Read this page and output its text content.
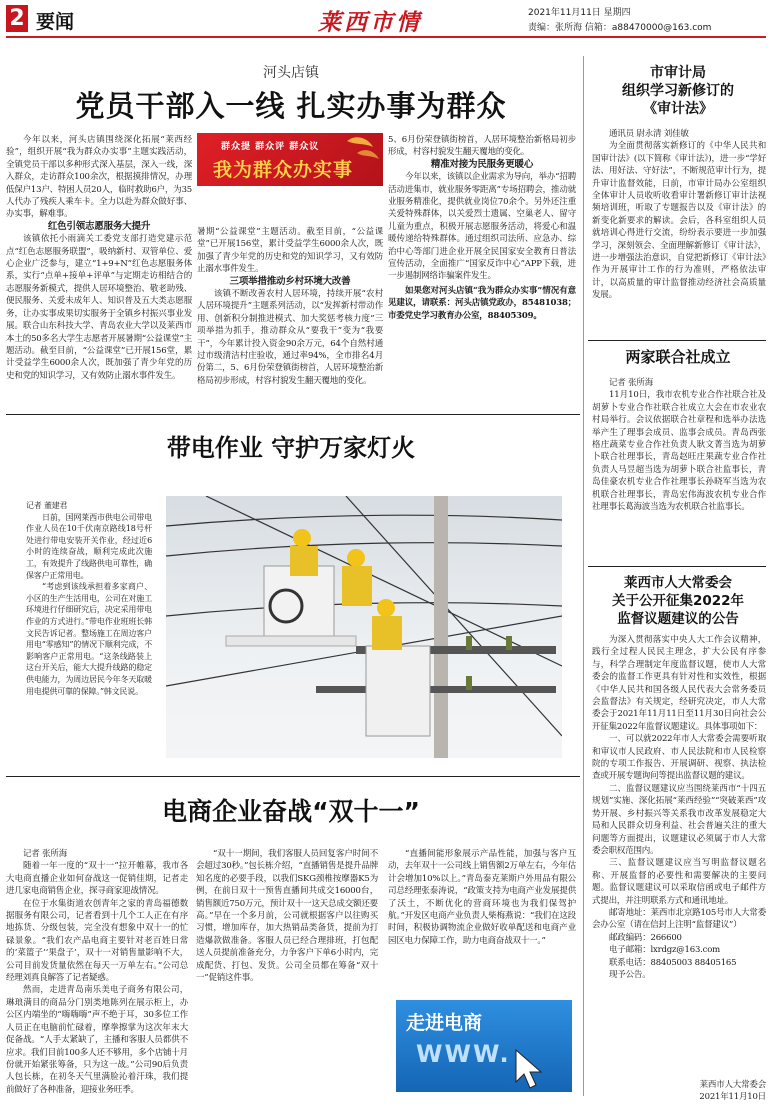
2 要闻	莱西市情	2021年11月11日 星期四
责编：张所海 信箱：a88470000@163.com
河头店镇
党员干部入一线 扎实办事为群众
群众提 群众评 群众议
我为群众办实事

今年以来，河头店镇围绕深化拓展“莱西经验”，组织开展“我为群众办实事”主题实践活动，全镇党员干部以多种形式深入基层，深入一线，深入群众，走访群众100余次，根据摸排情况，办理低保户13户、特困人员20人，临时救助6户，为35人代办了残疾人乘车卡。全力以赴为群众做好事、办实事，解难事。

红色引领志愿服务大提升

该镇依托小雨滴关工委党支部打造党建示范点“红色志愿服务联盟”，吸纳新村、双管单位、爱心企业广泛参与，建立“1+9+N”红色志愿服务体系，实行“点单+接单+评单”与定期走访相结合的志愿服务新模式，提供人居环境整治、敬老助残、便民服务、关爱未成年人、知识普及五大类志愿服务，让办实事成果切实服务于全镇乡村振兴事业发展。联合山东科技大学、青岛农业大学以及莱西市本土的50多名大学生志愿者开展暑期“公益课堂”主题活动。截至目前，“公益课堂”已开展156堂，累计受益学生6000余人次，既加强了青少年党的历史和党的知识学习，又有效防止溺水事件发生。

暑期“公益课堂”主题活动。截至目前，“公益课堂”已开展156堂，累计受益学生6000余人次，既加强了青少年党的历史和党的知识学习，又有效防止溺水事件发生。

三项举措推动乡村环境大改善

该镇不断改善农村人居环境，持续开展“农村人居环境提升”主题系列活动，以“发挥新村带动作用、创新积分制推进模式、加大奖惩考核力度”三项举措为抓手，推动群众从“要我干”变为“我要干”，今年累计投入资金90余万元，64个自然村通过市级清洁村庄验收，通过率94%，全市排名4月份第二，5、6月份荣登镇街榜首，人居环境整治新格局初步形成，村容村貌发生翻天覆地的变化。

5、6月份荣登镇街榜首，人居环境整治新格局初步形成，村容村貌发生翻天覆地的变化。

精准对接为民服务更暖心

今年以来，该镇以企业需求为导向，举办“招聘活动进集市，就业服务零距离”专场招聘会，推动就业服务精准化，提供就业岗位70余个。另外还注重关爱特殊群体，以关爱烈士遗属、空巢老人、留守儿童为重点，积极开展志愿服务活动，将爱心和温暖传递给特殊群体。通过组织司法所、应急办、综治中心等部门进企业开展全民国家安全教育日普法宣传活动，全面推广“国家反诈中心”APP下载，进一步遏制网络诈骗案件发生。

如果您对河头店镇“我为群众办实事”情况有意见建议，请联系：河头店镇党政办，85481038；市委党史学习教育办公室，88405309。

市审计局
组织学习新修订的
《审计法》

通讯员 尉永清 刘佳敏

为全面贯彻落实新修订的《中华人民共和国审计法》(以下简称《审计法》)，进一步“学好法、用好法、守好法”，不断规范审计行为，提升审计监督效能，日前，市审计局办公室组织全体审计人员收听收看审计署新修订审计法视频培训班，听取了专题报告以及《审计法》的新变化新要求的解读。会后，各科室组织人员就培训心得进行交流，纷纷表示要进一步加强学习，深刻领会、全面理解新修订《审计法》，进一步增强法治意识，自觉把新修订《审计法》作为开展审计工作的行为准则，严格依法审计，以高质量的审计监督推动经济社会高质量发展。

两家联合社成立

记者 张所海

11月10日，我市农机专业合作社联合社及胡萝卜专业合作社联合社成立大会在市农业农村局举行。会议依据联合社章程和选举办法选举产生了理事会成员、监事会成员。青岛西张格庄蔬菜专业合作社负责人耿文菁当选为胡萝卜联合社理事长，青岛赵旺庄果蔬专业合作社负责人马昱超当选为胡萝卜联合社监事长，青岛佳豪农机专业合作社理事长孙晓军当选为农机联合社理事长，青岛宏伟海波农机专业合作社理事长葛海波当选为农机联合社监事长。

带电作业 守护万家灯火

记者 董建君

日前，国网莱西市供电公司带电作业人员在10千伏南京路线18号杆处进行带电安装开关作业，经过近6小时的连续奋战，顺利完成此次施工，有效提升了线路供电可靠性，确保客户正常用电。

“考虑到该线承担着多家商户、小区的生产生活用电，公司在对施工环境进行仔细研究后，决定采用带电作业的方式进行。”带电作业班班长韩文民告诉记者。整场施工在周边客户用电“零感知”的情况下顺利完成，不影响客户正常用电。“这条线路装上这台开关后，能大大提升线路的稳定供电能力，为周边居民今年冬天取暖用电提供可靠的保障。”韩文民说。

莱西市人大常委会
关于公开征集2022年
监督议题建议的公告

为深入贯彻落实中央人大工作会议精神，践行全过程人民民主理念，扩大公民有序参与，科学合理制定年度监督议题，使市人大常委会的监督工作更具有针对性和实效性，根据《中华人民共和国各级人民代表大会常务委员会监督法》有关规定，经研究决定，市人大常委会于2021年11月11日至11月30日向社会公开征集2022年监督议题建议。具体事项如下：

一、可以就2022年市人大常委会需要听取和审议市人民政府、市人民法院和市人民检察院的专项工作报告、开展调研、视察、执法检查或开展专题询问等提出监督议题的建议。

二、监督议题建议应当围绕莱西市“十四五规划”实施、深化拓展“莱西经验”“突破莱西”攻势开展、乡村振兴等关系我市改革发展稳定大局和人民群众切身利益、社会普遍关注的重大问题等方面提出，议题建议必须属于市人大常委会职权范围内。

三、监督议题建议应当写明监督议题名称、开展监督的必要性和需要解决的主要问题。监督议题建议可以采取信函或电子邮件方式提出，并注明联系方式和通讯地址。

邮寄地址：莱西市北京路105号市人大常委会办公室（请在信封上注明“监督建议”）

邮政编码：266600

电子邮箱：lxrdgz@163.com

联系电话：88405003 88405165

现予公告。

莱西市人大常委会
2021年11月10日
电商企业奋战“双十一”

记者 张所海

随着一年一度的“双十一”拉开帷幕，我市各大电商直播企业如何奋战这一促销佳期，记者走进几家电商销售企业，探寻商家迎战情况。

在位于水集街道农创青年之家的青岛福德数据服务有限公司，记者看到十几个工人正在有序地拣货、分级包装，完全没有想象中双十一的忙碌景象。“我们农产品电商主要针对老百姓日常的‘菜篮子’‘果盘子’，双十一对销售量影响不大，公司目前发货量依然在每天一万单左右。”公司总经理刘真良解答了记者疑惑。

然而，走进青岛南乐美电子商务有限公司，琳琅满目的商品分门别类地陈列在展示柜上，办公区内端坐的“嗨嗨嗨”声不绝于耳，30多位工作人员正在电脑前忙碌着，摩拳擦掌为这次年末大促备战。“人手太紧缺了，主播和客服人员都供不应求。我们目前100多人还不够用，多个店铺十月份就开始紧张筹备，只为这一战。”公司90后负责人包长栋，在初冬天气里满脸沁着汗珠，我们提前做好了各种准备，迎接业务旺季。

“双十一期间，我们客服人员回复客户时间不会超过30秒。”包长栋介绍，“直播销售是提升品牌知名度的必要手段，以我们SKG颈椎按摩器K5为例，在前日双十一预售直播间共成交16000台，销售额近750万元，预计双十一这天总成交额还要高。”早在一个多月前，公司就根据客户以往购买习惯，增加库存，加大热销品类备货，提前为打造爆款做准备。客服人员已经合理排班，打包配送人员提前准备充分，力争客户下单6小时内，完成配货、打包、发货。公司全员都在筹备“双十一”促销这件事。

“直播间能形象展示产品性能，加强与客户互动，去年双十一公司线上销售额2万单左右，今年估计会增加10%以上。”青岛泰克莱斯户外用品有限公司总经理张泰涛说，“政策支持为电商产业发展提供了沃土，不断优化的营商环境也为我们保驾护航。”开发区电商产业负责人柴梅燕说：“我们在这段时间，积极协调物流企业做好收单配送和电商产业园区电力保障工作，助力电商奋战双十一。”

走进电商
WWW.
